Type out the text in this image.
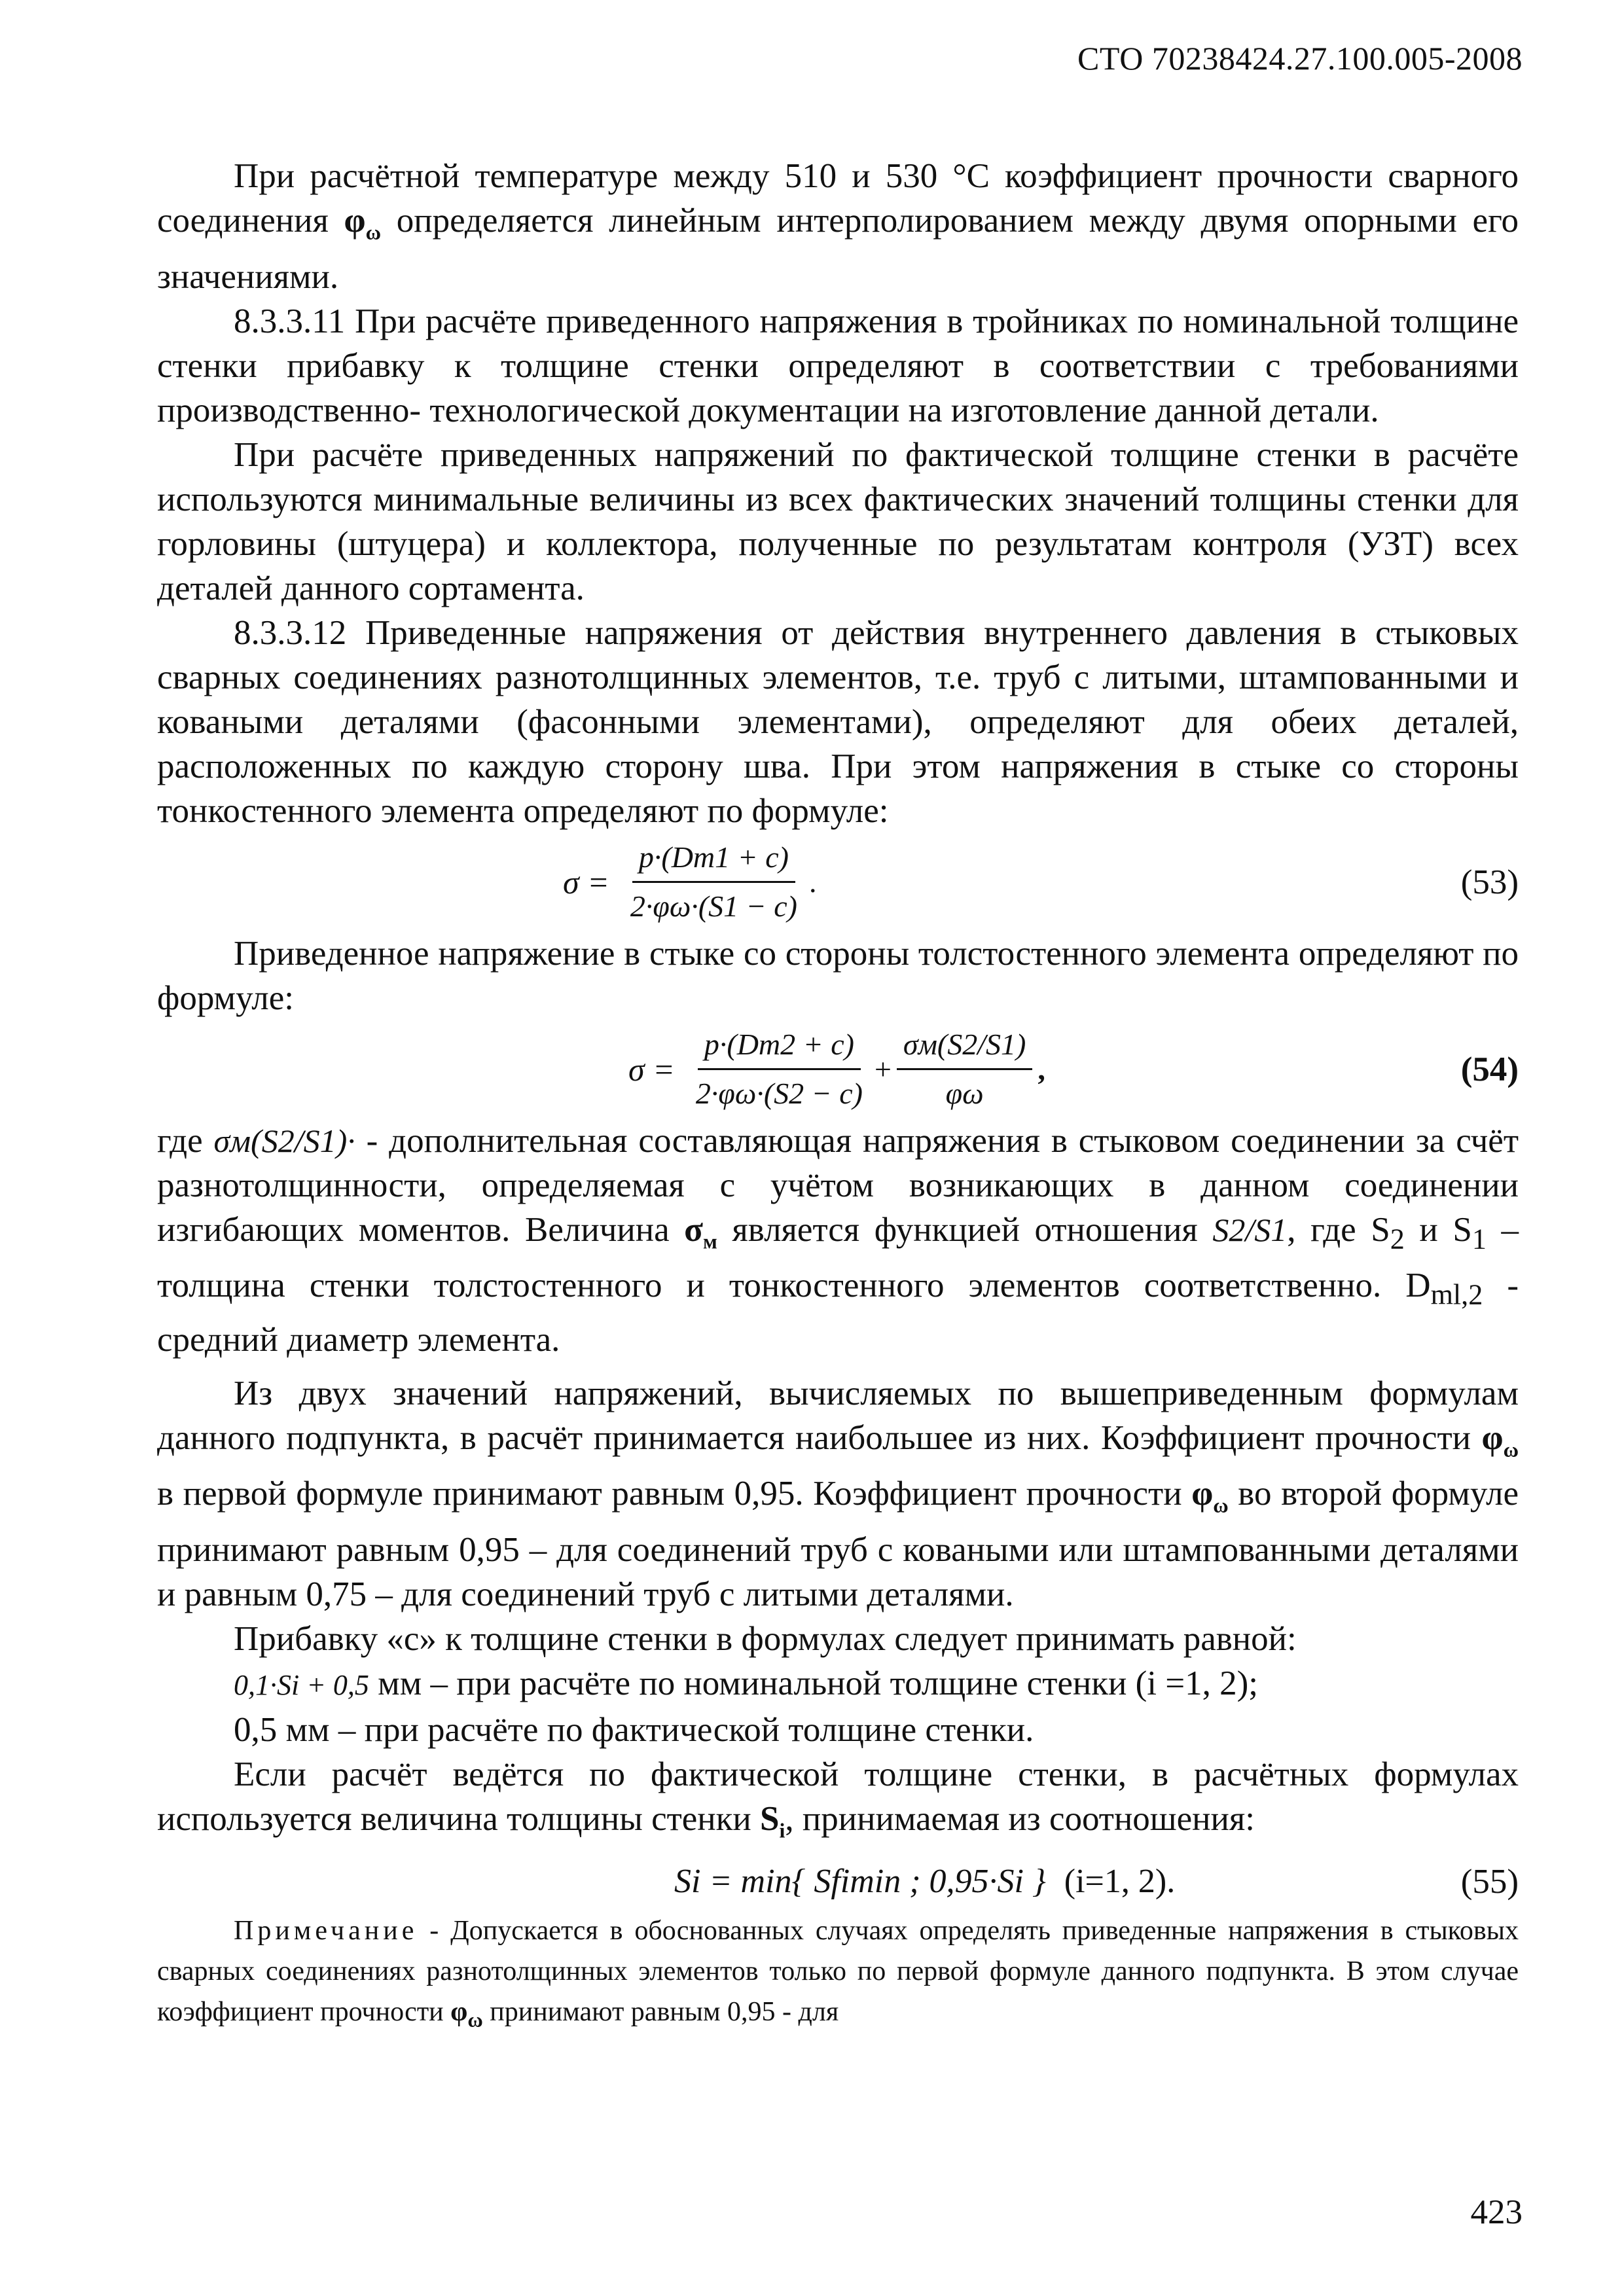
СТО 70238424.27.100.005-2008

При расчётной температуре между 510 и 530 °С коэффициент прочности сварного соединения $\varphi_\omega$ определяется линейным интерполированием между двумя опорными его значениями.

8.3.3.11 При расчёте приведенного напряжения в тройниках по номинальной толщине стенки прибавку к толщине стенки определяют в соответствии с требованиями производственно- технологической документации на изготовление данной детали.

При расчёте приведенных напряжений по фактической толщине стенки в расчёте используются минимальные величины из всех фактических значений толщины стенки для горловины (штуцера) и коллектора, полученные по результатам контроля (УЗТ) всех деталей данного сортамента.

8.3.3.12 Приведенные напряжения от действия внутреннего давления в стыковых сварных соединениях разнотолщинных элементов, т.е. труб с литыми, штампованными и коваными деталями (фасонными элементами), определяют для обеих деталей, расположенных по каждую сторону шва. При этом напряжения в стыке со стороны тонкостенного элемента определяют по формуле:

$\sigma = \frac{p\cdot(Dm1 + c)}{2\cdot\varphi\omega\cdot(S1 - c)}$ .	(53)

Приведенное напряжение в стыке со стороны толстостенного элемента определяют по формуле:

$\sigma = \frac{p\cdot(Dm2 + c)}{2\cdot\varphi\omega\cdot(S2 - c)} + \frac{\sigma м(S2/S1)}{\varphi\omega}$ ,	(54)

где σм(S2/S1)· - дополнительная составляющая напряжения в стыковом соединении за счёт разнотолщинности, определяемая с учётом возникающих в данном соединении изгибающих моментов. Величина $\sigma_м$ является функцией отношения S2/S1, где $S_2$ и $S_1$ – толщина стенки толстостенного и тонкостенного элементов соответственно. $D_{ml,2}$ - средний диаметр элемента.

Из двух значений напряжений, вычисляемых по вышеприведенным формулам данного подпункта, в расчёт принимается наибольшее из них. Коэффициент прочности $\varphi_\omega$ в первой формуле принимают равным 0,95. Коэффициент прочности $\varphi_\omega$ во второй формуле принимают равным 0,95 – для соединений труб с коваными или штампованными деталями и равным 0,75 – для соединений труб с литыми деталями.

Прибавку «с» к толщине стенки в формулах следует принимать равной:

0,1·Si + 0,5 мм – при расчёте по номинальной толщине стенки (i =1, 2);

0,5 мм – при расчёте по фактической толщине стенки.

Если расчёт ведётся по фактической толщине стенки, в расчётных формулах используется величина толщины стенки $S_i$, принимаемая из соотношения:

Si = min{ Sfimin ; 0,95·Si } (i=1, 2).	(55)

Примечание - Допускается в обоснованных случаях определять приведенные напряжения в стыковых сварных соединениях разнотолщинных элементов только по первой формуле данного подпункта. В этом случае коэффициент прочности $\varphi_\omega$ принимают равным 0,95 - для

423
